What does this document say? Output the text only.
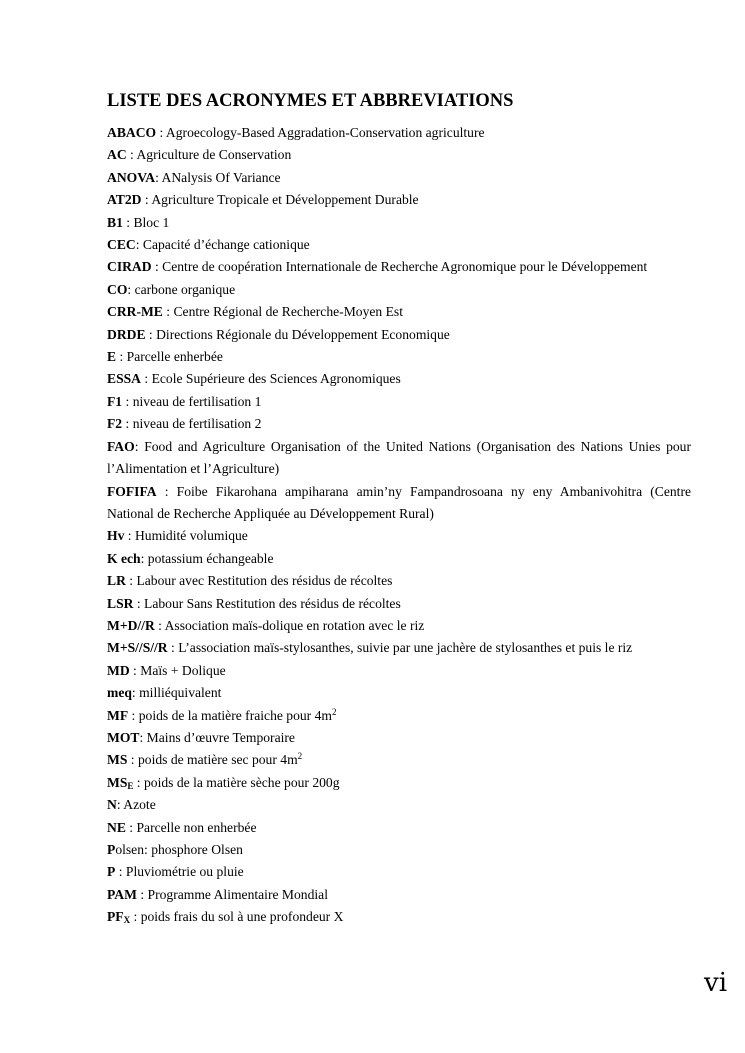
LISTE DES ACRONYMES ET ABBREVIATIONS
ABACO : Agroecology-Based Aggradation-Conservation agriculture
AC : Agriculture de Conservation
ANOVA: ANalysis Of Variance
AT2D : Agriculture Tropicale et Développement Durable
B1 : Bloc 1
CEC: Capacité d’échange cationique
CIRAD : Centre de coopération Internationale de Recherche Agronomique pour le Développement
CO: carbone organique
CRR-ME : Centre Régional de Recherche-Moyen Est
DRDE : Directions Régionale du Développement Economique
E : Parcelle enherbée
ESSA : Ecole Supérieure des Sciences Agronomiques
F1 : niveau de fertilisation 1
F2 : niveau de fertilisation 2
FAO: Food and Agriculture Organisation of the United Nations (Organisation des Nations Unies pour l’Alimentation et l’Agriculture)
FOFIFA : Foibe Fikarohana ampiharana amin’ny Fampandrosoana ny eny Ambanivohitra (Centre National de Recherche Appliquée au Développement Rural)
Hv : Humidité volumique
K ech: potassium échangeable
LR : Labour avec Restitution des résidus de récoltes
LSR : Labour Sans Restitution des résidus de récoltes
M+D//R : Association maïs-dolique en rotation avec le riz
M+S//S//R : L’association maïs-stylosanthes, suivie par une jachère de stylosanthes et puis le riz
MD : Maïs + Dolique
meq: milliéquivalent
MF : poids de la matière fraiche pour $4m^2$
MOT: Mains d’œuvre Temporaire
MS : poids de matière sec pour $4m^2$
$MS_E$ : poids de la matière sèche pour 200g
N: Azote
NE : Parcelle non enherbée
Polsen: phosphore Olsen
P : Pluviométrie ou pluie
PAM : Programme Alimentaire Mondial
$PF_X$ : poids frais du sol à une profondeur X
vi
